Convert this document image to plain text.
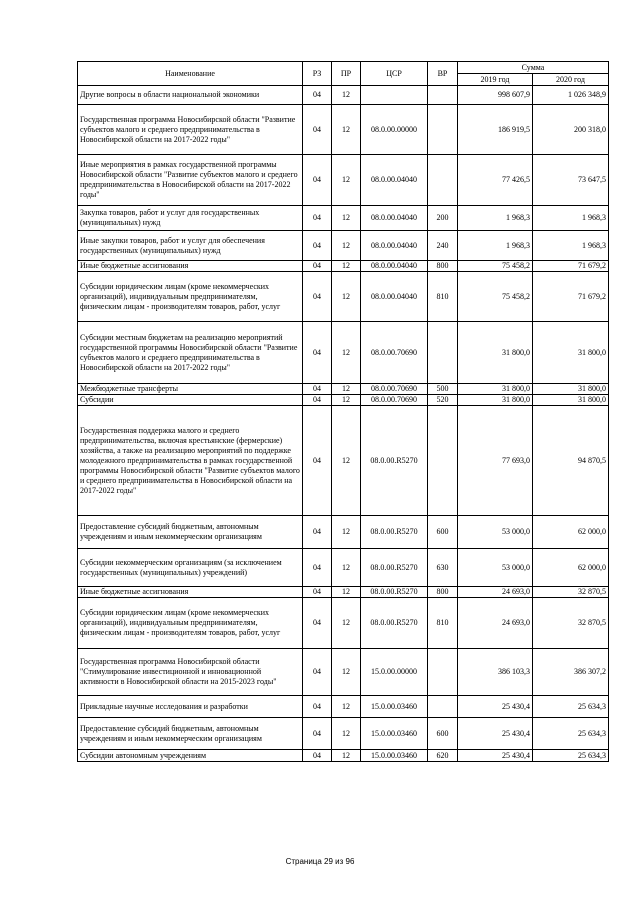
Наименование	РЗ	ПР	ЦСР	ВР	Сумма	
					2019 год	2020 год
Другие вопросы в области национальной экономики	04	12			998 607,9	1 026 348,9
Государственная программа Новосибирской области "Развитие субъектов малого и среднего предпринимательства в Новосибирской области на 2017-2022 годы"	04	12	08.0.00.00000		186 919,5	200 318,0
Иные мероприятия в рамках государственной программы Новосибирской области "Развитие субъектов малого и среднего предпринимательства в Новосибирской области на 2017-2022 годы"	04	12	08.0.00.04040		77 426,5	73 647,5
Закупка товаров, работ и услуг для государственных (муниципальных) нужд	04	12	08.0.00.04040	200	1 968,3	1 968,3
Иные закупки товаров, работ и услуг для обеспечения государственных (муниципальных) нужд	04	12	08.0.00.04040	240	1 968,3	1 968,3
Иные бюджетные ассигнования	04	12	08.0.00.04040	800	75 458,2	71 679,2
Субсидии юридическим лицам (кроме некоммерческих организаций), индивидуальным предпринимателям, физическим лицам - производителям товаров, работ, услуг	04	12	08.0.00.04040	810	75 458,2	71 679,2
Субсидии местным бюджетам на реализацию мероприятий государственной программы Новосибирской области "Развитие субъектов малого и среднего предпринимательства в Новосибирской области на 2017-2022 годы"	04	12	08.0.00.70690		31 800,0	31 800,0
Межбюджетные трансферты	04	12	08.0.00.70690	500	31 800,0	31 800,0
Субсидии	04	12	08.0.00.70690	520	31 800,0	31 800,0
Государственная поддержка малого и среднего предпринимательства, включая крестьянские (фермерские) хозяйства, а также на реализацию мероприятий по поддержке молодежного предпринимательства в рамках государственной программы Новосибирской области "Развитие субъектов малого и среднего предпринимательства в Новосибирской области на 2017-2022 годы"	04	12	08.0.00.R5270		77 693,0	94 870,5
Предоставление субсидий бюджетным, автономным учреждениям и иным некоммерческим организациям	04	12	08.0.00.R5270	600	53 000,0	62 000,0
Субсидии некоммерческим организациям (за исключением государственных (муниципальных) учреждений)	04	12	08.0.00.R5270	630	53 000,0	62 000,0
Иные бюджетные ассигнования	04	12	08.0.00.R5270	800	24 693,0	32 870,5
Субсидии юридическим лицам (кроме некоммерческих организаций), индивидуальным предпринимателям, физическим лицам - производителям товаров, работ, услуг	04	12	08.0.00.R5270	810	24 693,0	32 870,5
Государственная программа Новосибирской области "Стимулирование инвестиционной и инновационной активности в Новосибирской области на 2015-2023 годы"	04	12	15.0.00.00000		386 103,3	386 307,2
Прикладные научные исследования и разработки	04	12	15.0.00.03460		25 430,4	25 634,3
Предоставление субсидий бюджетным, автономным учреждениям и иным некоммерческим организациям	04	12	15.0.00.03460	600	25 430,4	25 634,3
Субсидии автономным учреждениям	04	12	15.0.00.03460	620	25 430,4	25 634,3
Страница 29 из 96
